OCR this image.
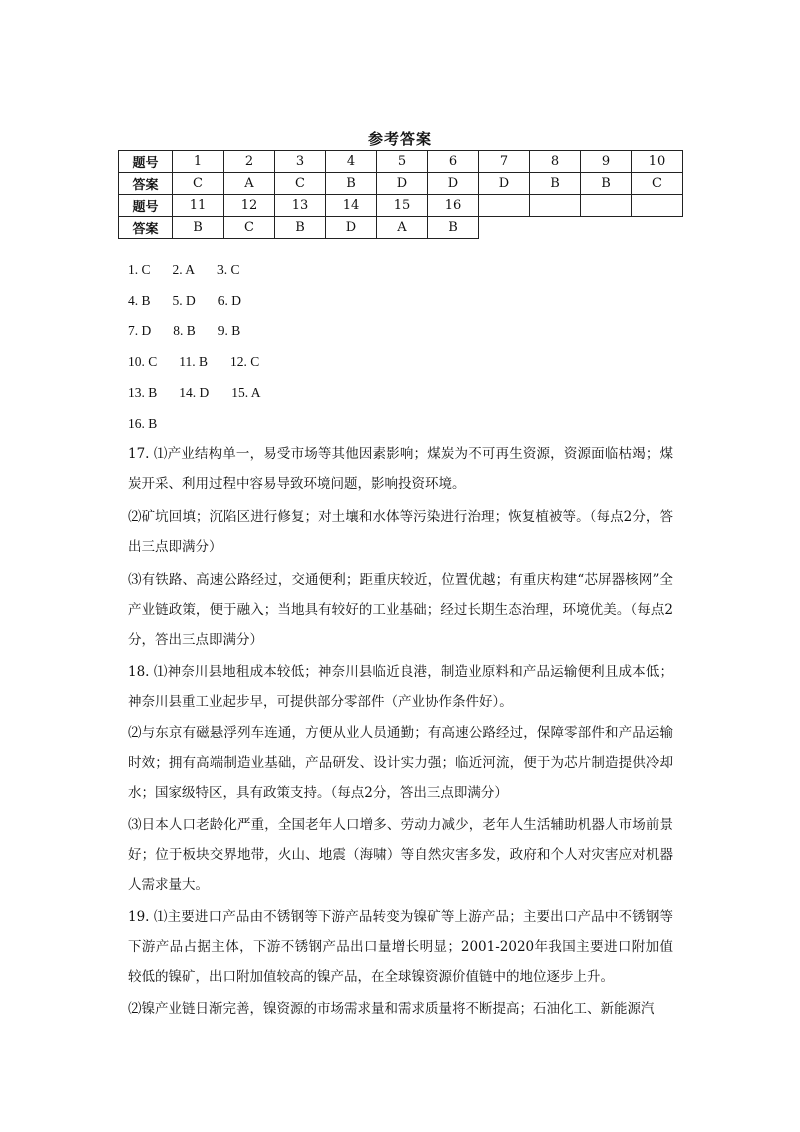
参考答案
题号	1	2	3	4	5	6	7	8	9	10
答案	C	A	C	B	D	D	D	B	B	C
题号	11	12	13	14	15	16				
答案	B	C	B	D	A	B				
1. C 2. A 3. C
4. B 5. D 6. D
7. D 8. B 9. B
10. C 11. B 12. C
13. B 14. D 15. A
16. B
17. ⑴产业结构单一，易受市场等其他因素影响；煤炭为不可再生资源，资源面临枯竭；煤炭开采、利用过程中容易导致环境问题，影响投资环境。
⑵矿坑回填；沉陷区进行修复；对土壤和水体等污染进行治理；恢复植被等。（每点2分，答出三点即满分）
⑶有铁路、高速公路经过，交通便利；距重庆较近，位置优越；有重庆构建“芯屏器核网”全产业链政策，便于融入；当地具有较好的工业基础；经过长期生态治理，环境优美。（每点2分，答出三点即满分）
18. ⑴神奈川县地租成本较低；神奈川县临近良港，制造业原料和产品运输便利且成本低；神奈川县重工业起步早，可提供部分零部件（产业协作条件好）。
⑵与东京有磁悬浮列车连通，方便从业人员通勤；有高速公路经过，保障零部件和产品运输时效；拥有高端制造业基础，产品研发、设计实力强；临近河流，便于为芯片制造提供冷却水；国家级特区，具有政策支持。（每点2分，答出三点即满分）
⑶日本人口老龄化严重，全国老年人口增多、劳动力减少，老年人生活辅助机器人市场前景好；位于板块交界地带，火山、地震（海啸）等自然灾害多发，政府和个人对灾害应对机器人需求量大。
19. ⑴主要进口产品由不锈钢等下游产品转变为镍矿等上游产品；主要出口产品中不锈钢等下游产品占据主体，下游不锈钢产品出口量增长明显；2001-2020年我国主要进口附加值较低的镍矿，出口附加值较高的镍产品，在全球镍资源价值链中的地位逐步上升。
⑵镍产业链日渐完善，镍资源的市场需求量和需求质量将不断提高；石油化工、新能源汽
